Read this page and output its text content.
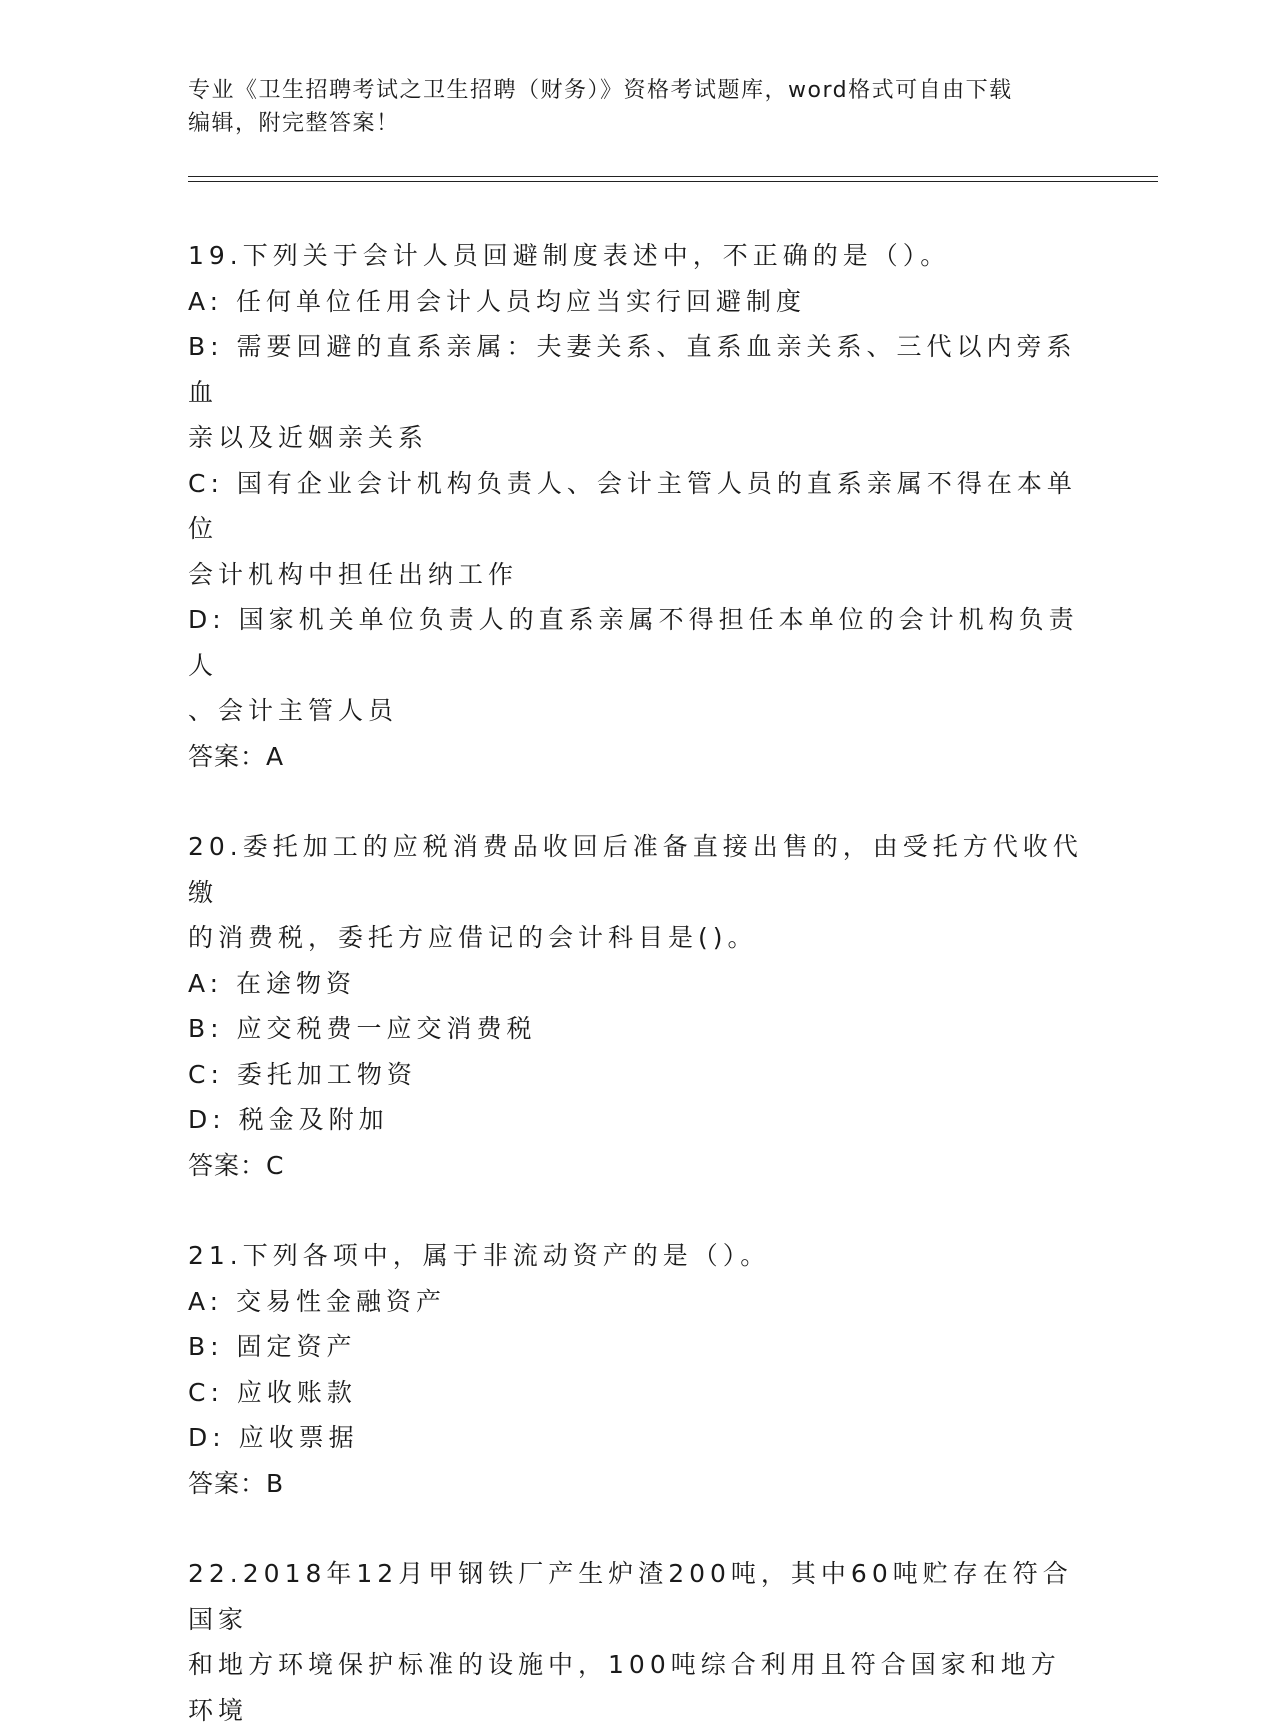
专业《卫生招聘考试之卫生招聘（财务）》资格考试题库，word格式可自由下载
编辑，附完整答案！
19.下列关于会计人员回避制度表述中，不正确的是（）。
A: 任何单位任用会计人员均应当实行回避制度
B: 需要回避的直系亲属：夫妻关系、直系血亲关系、三代以内旁系血
亲以及近姻亲关系
C: 国有企业会计机构负责人、会计主管人员的直系亲属不得在本单位
会计机构中担任出纳工作
D: 国家机关单位负责人的直系亲属不得担任本单位的会计机构负责人
、会计主管人员
答案：A
20.委托加工的应税消费品收回后准备直接出售的，由受托方代收代缴
的消费税，委托方应借记的会计科目是()。
A: 在途物资
B: 应交税费一应交消费税
C: 委托加工物资
D: 税金及附加
答案：C
21.下列各项中，属于非流动资产的是（）。
A: 交易性金融资产
B: 固定资产
C: 应收账款
D: 应收票据
答案：B
22.2018年12月甲钢铁厂产生炉渣200吨，其中60吨贮存在符合国家
和地方环境保护标准的设施中，100吨综合利用且符合国家和地方环境
